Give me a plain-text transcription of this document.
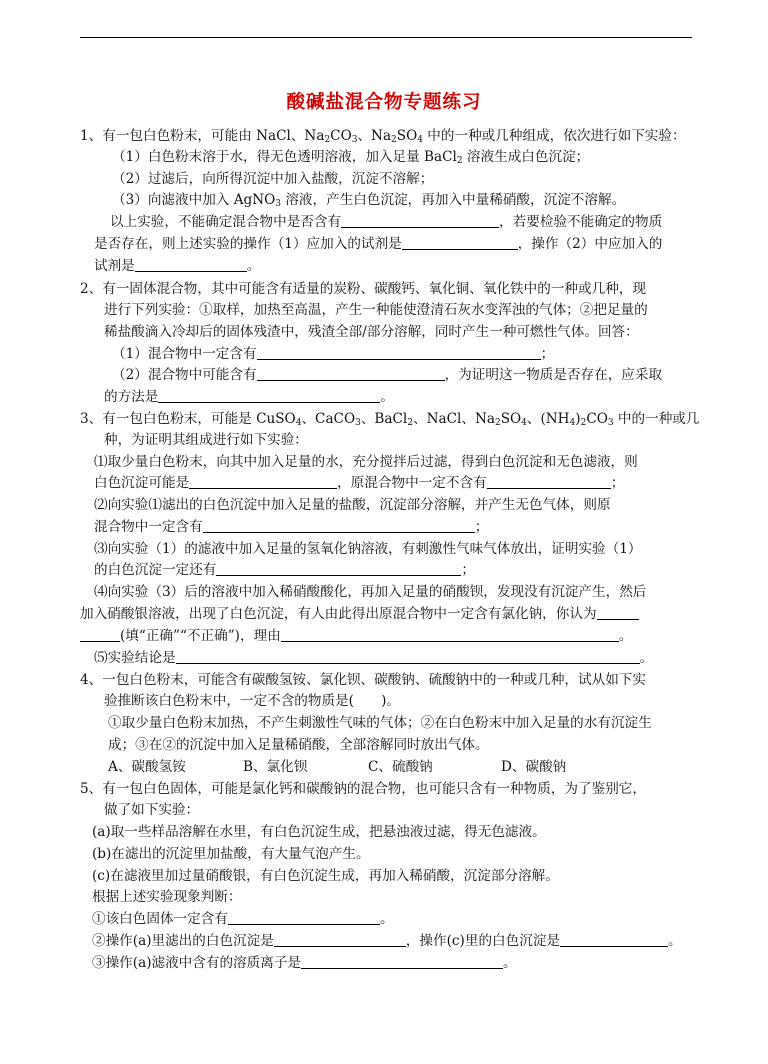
酸碱盐混合物专题练习
1、有一包白色粉末，可能由 NaCl、$Na_2CO_3$、$Na_2SO_4$ 中的一种或几种组成，依次进行如下实验：
（1）白色粉末溶于水，得无色透明溶液，加入足量 BaCl$_2$ 溶液生成白色沉淀；
（2）过滤后，向所得沉淀中加入盐酸，沉淀不溶解；
（3）向滤液中加入 AgNO$_3$ 溶液，产生白色沉淀，再加入中量稀硝酸，沉淀不溶解。
以上实验，不能确定混合物中是否含有	，若要检验不能确定的物质
是否存在，则上述实验的操作（1）应加入的试剂是	，操作（2）中应加入的
试剂是	。
2、有一固体混合物，其中可能含有适量的炭粉、碳酸钙、氧化铜、氧化铁中的一种或几种，现
进行下列实验：①取样，加热至高温，产生一种能使澄清石灰水变浑浊的气体；②把足量的
稀盐酸滴入冷却后的固体残渣中，残渣全部/部分溶解，同时产生一种可燃性气体。回答：
（1）混合物中一定含有	；
（2）混合物中可能含有	，为证明这一物质是否存在，应采取
的方法是	。
3、有一包白色粉末，可能是 CuSO$_4$、CaCO$_3$、BaCl$_2$、NaCl、$Na_2SO_4$、$(NH_4)_2CO_3$ 中的一种或几
种，为证明其组成进行如下实验：
⑴取少量白色粉末，向其中加入足量的水，充分搅拌后过滤，得到白色沉淀和无色滤液，则
白色沉淀可能是	，原混合物中一定不含有	；
⑵向实验⑴滤出的白色沉淀中加入足量的盐酸，沉淀部分溶解，并产生无色气体，则原
混合物中一定含有	；
⑶向实验（1）的滤液中加入足量的氢氧化钠溶液，有刺激性气味气体放出，证明实验（1）
的白色沉淀一定还有	；
⑷向实验（3）后的溶液中加入稀硝酸酸化，再加入足量的硝酸钡，发现没有沉淀产生，然后
加入硝酸银溶液，出现了白色沉淀，有人由此得出原混合物中一定含有氯化钠，你认为
(填“正确”“不正确”)，理由	。
⑸实验结论是	。
4、一包白色粉末，可能含有碳酸氢铵、氯化钡、碳酸钠、硫酸钠中的一种或几种，试从如下实
验推断该白色粉末中，一定不含的物质是(　　)。
①取少量白色粉末加热，不产生刺激性气味的气体；②在白色粉末中加入足量的水有沉淀生
成；③在②的沉淀中加入足量稀硝酸，全部溶解同时放出气体。
A、碳酸氢铵	B、氯化钡	C、硫酸钠	D、碳酸钠
5、有一包白色固体，可能是氯化钙和碳酸钠的混合物，也可能只含有一种物质，为了鉴别它，
做了如下实验：
(a)取一些样品溶解在水里，有白色沉淀生成，把悬浊液过滤，得无色滤液。
(b)在滤出的沉淀里加盐酸，有大量气泡产生。
(c)在滤液里加过量硝酸银，有白色沉淀生成，再加入稀硝酸，沉淀部分溶解。
根据上述实验现象判断：
①该白色固体一定含有	。
②操作(a)里滤出的白色沉淀是	，操作(c)里的白色沉淀是	。
③操作(a)滤液中含有的溶质离子是	。
